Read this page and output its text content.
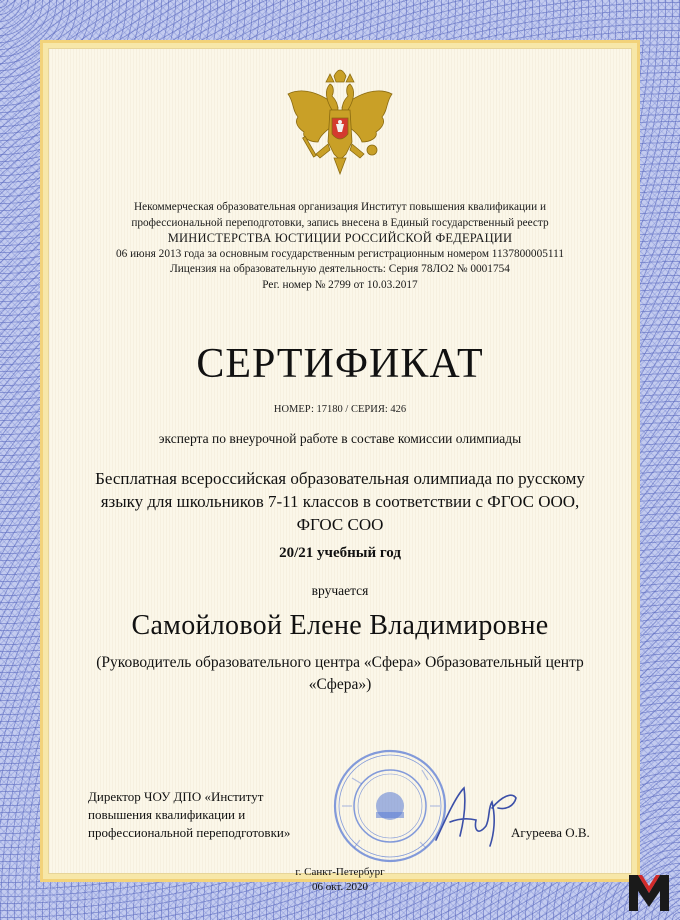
Некоммерческая образовательная организация Институт повышения квалификации и
профессиональной переподготовки, запись внесена в Единый государственный реестр
МИНИСТЕРСТВА ЮСТИЦИИ РОССИЙСКОЙ ФЕДЕРАЦИИ
06 июня 2013 года за основным государственным регистрационным номером 1137800005111
Лицензия на образовательную деятельность: Серия 78ЛО2 № 0001754
Рег. номер № 2799 от 10.03.2017
СЕРТИФИКАТ
НОМЕР: 17180 / СЕРИЯ: 426
эксперта по внеурочной работе в составе комиссии олимпиады
Бесплатная всероссийская образовательная олимпиада по русскому языку для школьников 7-11 классов в соответствии с ФГОС ООО, ФГОС СОО
20/21 учебный год
вручается
Самойловой Елене Владимировне
(Руководитель образовательного центра «Сфера» Образовательный центр «Сфера»)
Директор ЧОУ ДПО «Институт
повышения квалификации и
профессиональной переподготовки»	Агуреева О.В.
г. Санкт-Петербург
06 окт. 2020
